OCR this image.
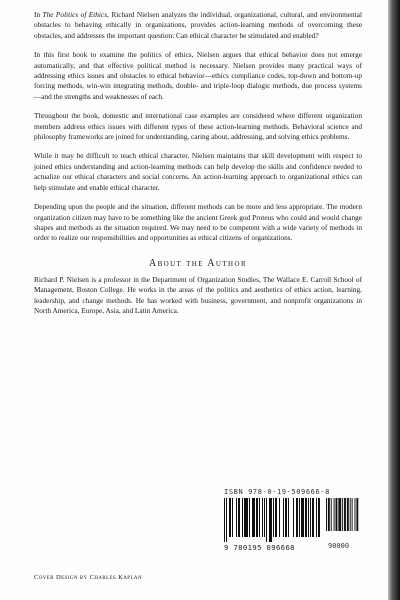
In The Politics of Ethics, Richard Nielsen analyzes the individual, organizational, cultural, and environmental obstacles to behaving ethically in organizations, provides action-learning methods of overcoming these obstacles, and addresses the important question: Can ethical character be stimulated and enabled?

In this first book to examine the politics of ethics, Nielsen argues that ethical behavior does not emerge automatically, and that effective political method is necessary. Nielsen provides many practical ways of addressing ethics issues and obstacles to ethical behavior—ethics compliance codes, top-down and bottom-up forcing methods, win-win integrating methods, double- and triple-loop dialogic methods, due process systems—and the strengths and weaknesses of each.

Throughout the book, domestic and international case examples are considered where different organization members address ethics issues with different types of these action-learning methods. Behavioral science and philosophy frameworks are joined for understanding, caring about, addressing, and solving ethics problems.

While it may be difficult to teach ethical character, Nielsen maintains that skill development with respect to joined ethics understanding and action-learning methods can help develop the skills and confidence needed to actualize our ethical characters and social concerns. An action-learning approach to organizational ethics can help stimulate and enable ethical character.

Depending upon the people and the situation, different methods can be more and less appropriate. The modern organization citizen may have to be something like the ancient Greek god Proteus who could and would change shapes and methods as the situation required. We may need to be competent with a wide variety of methods in order to realize our responsibilities and opportunities as ethical citizens of organizations.

About the Author

Richard P. Nielsen is a professor in the Department of Organization Studies, The Wallace E. Carroll School of Management, Boston College. He works in the areas of the politics and aesthetics of ethics action, learning, leadership, and change methods. He has worked with business, government, and nonprofit organizations in North America, Europe, Asia, and Latin America.

ISBN 978-0-19-509666-8
9 780195 096668	90000
Cover Design by Charles Kaplan
